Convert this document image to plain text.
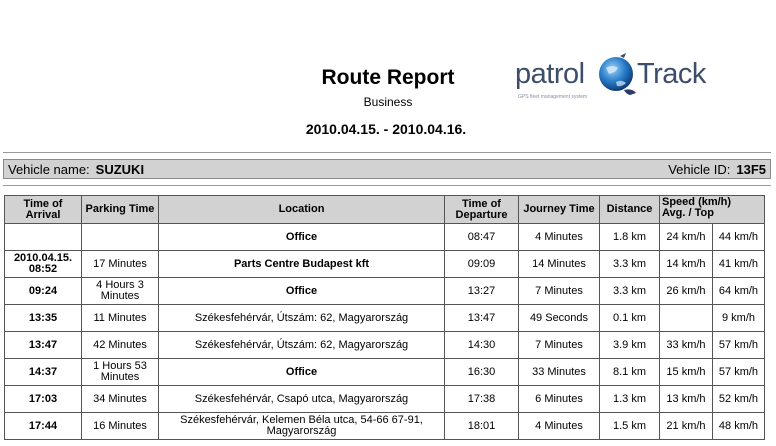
Route Report
Business
2010.04.15. - 2010.04.16.
patrol Track
GPS fleet management system
Vehicle name: SUZUKI	Vehicle ID: 13F5
Time of Arrival	Parking Time	Location	Time of Departure	Journey Time	Distance	Speed (km/h)
Avg. / Top	

		Office	08:47	4 Minutes	1.8 km	24 km/h	44 km/h
2010.04.15. 08:52	17 Minutes	Parts Centre Budapest kft	09:09	14 Minutes	3.3 km	14 km/h	41 km/h
09:24	4 Hours 3 Minutes	Office	13:27	7 Minutes	3.3 km	26 km/h	64 km/h
13:35	11 Minutes	Székesfehérvár, Útszám: 62, Magyarország	13:47	49 Seconds	0.1 km		9 km/h
13:47	42 Minutes	Székesfehérvár, Útszám: 62, Magyarország	14:30	7 Minutes	3.9 km	33 km/h	57 km/h
14:37	1 Hours 53 Minutes	Office	16:30	33 Minutes	8.1 km	15 km/h	57 km/h
17:03	34 Minutes	Székesfehérvár, Csapó utca, Magyarország	17:38	6 Minutes	1.3 km	13 km/h	52 km/h
17:44	16 Minutes	Székesfehérvár, Kelemen Béla utca, 54-66 67-91, Magyarország	18:01	4 Minutes	1.5 km	21 km/h	48 km/h
